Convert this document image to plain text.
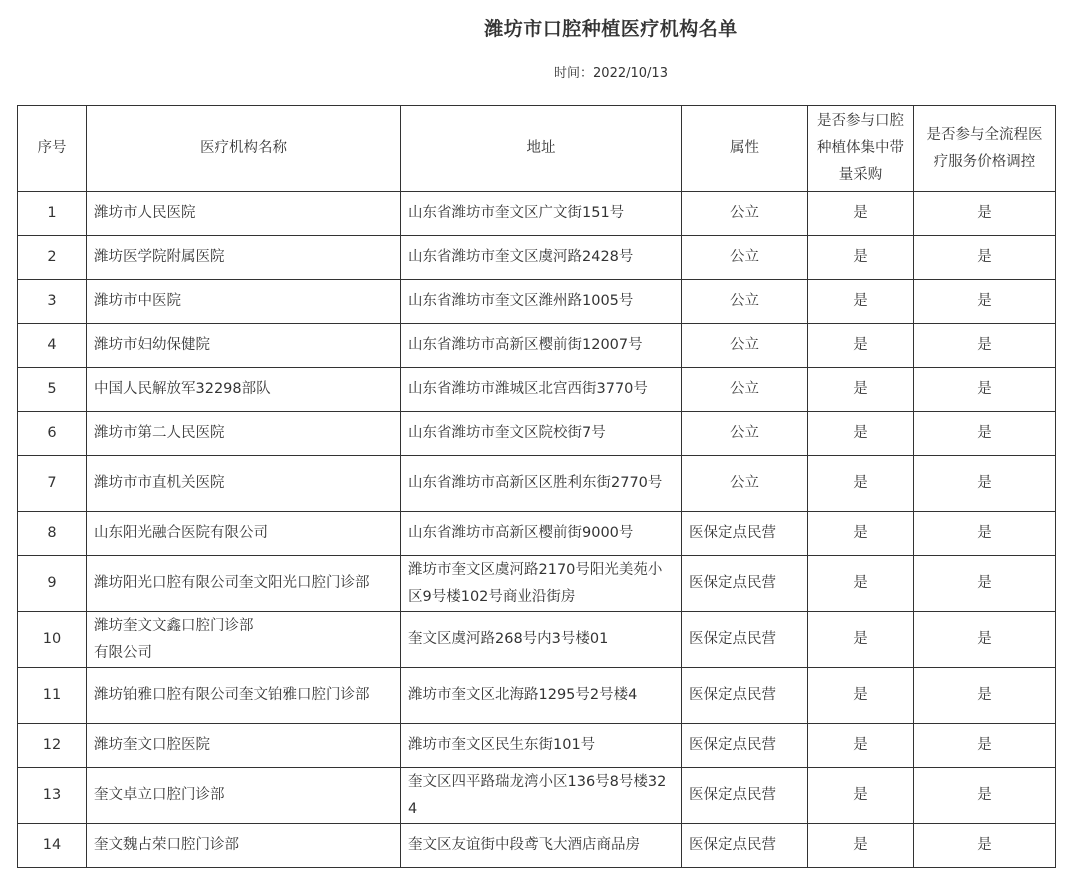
潍坊市口腔种植医疗机构名单
时间：2022/10/13
序号	医疗机构名称	地址	属性	是否参与口腔种植体集中带量采购	是否参与全流程医疗服务价格调控
1	潍坊市人民医院	山东省潍坊市奎文区广文街151号	公立	是	是
2	潍坊医学院附属医院	山东省潍坊市奎文区虞河路2428号	公立	是	是
3	潍坊市中医院	山东省潍坊市奎文区潍州路1005号	公立	是	是
4	潍坊市妇幼保健院	山东省潍坊市高新区樱前街12007号	公立	是	是
5	中国人民解放军32298部队	山东省潍坊市潍城区北宫西街3770号	公立	是	是
6	潍坊市第二人民医院	山东省潍坊市奎文区院校街7号	公立	是	是
7	潍坊市市直机关医院	山东省潍坊市高新区区胜利东街2770号	公立	是	是
8	山东阳光融合医院有限公司	山东省潍坊市高新区樱前街9000号	医保定点民营	是	是
9	潍坊阳光口腔有限公司奎文阳光口腔门诊部	潍坊市奎文区虞河路2170号阳光美苑小区9号楼102号商业沿街房	医保定点民营	是	是
10	潍坊奎文文鑫口腔门诊部
有限公司	奎文区虞河路268号内3号楼01	医保定点民营	是	是
11	潍坊铂雅口腔有限公司奎文铂雅口腔门诊部	潍坊市奎文区北海路1295号2号楼4	医保定点民营	是	是
12	潍坊奎文口腔医院	潍坊市奎文区民生东街101号	医保定点民营	是	是
13	奎文卓立口腔门诊部	奎文区四平路瑞龙湾小区136号8号楼324	医保定点民营	是	是
14	奎文魏占荣口腔门诊部	奎文区友谊街中段鸢飞大酒店商品房	医保定点民营	是	是
